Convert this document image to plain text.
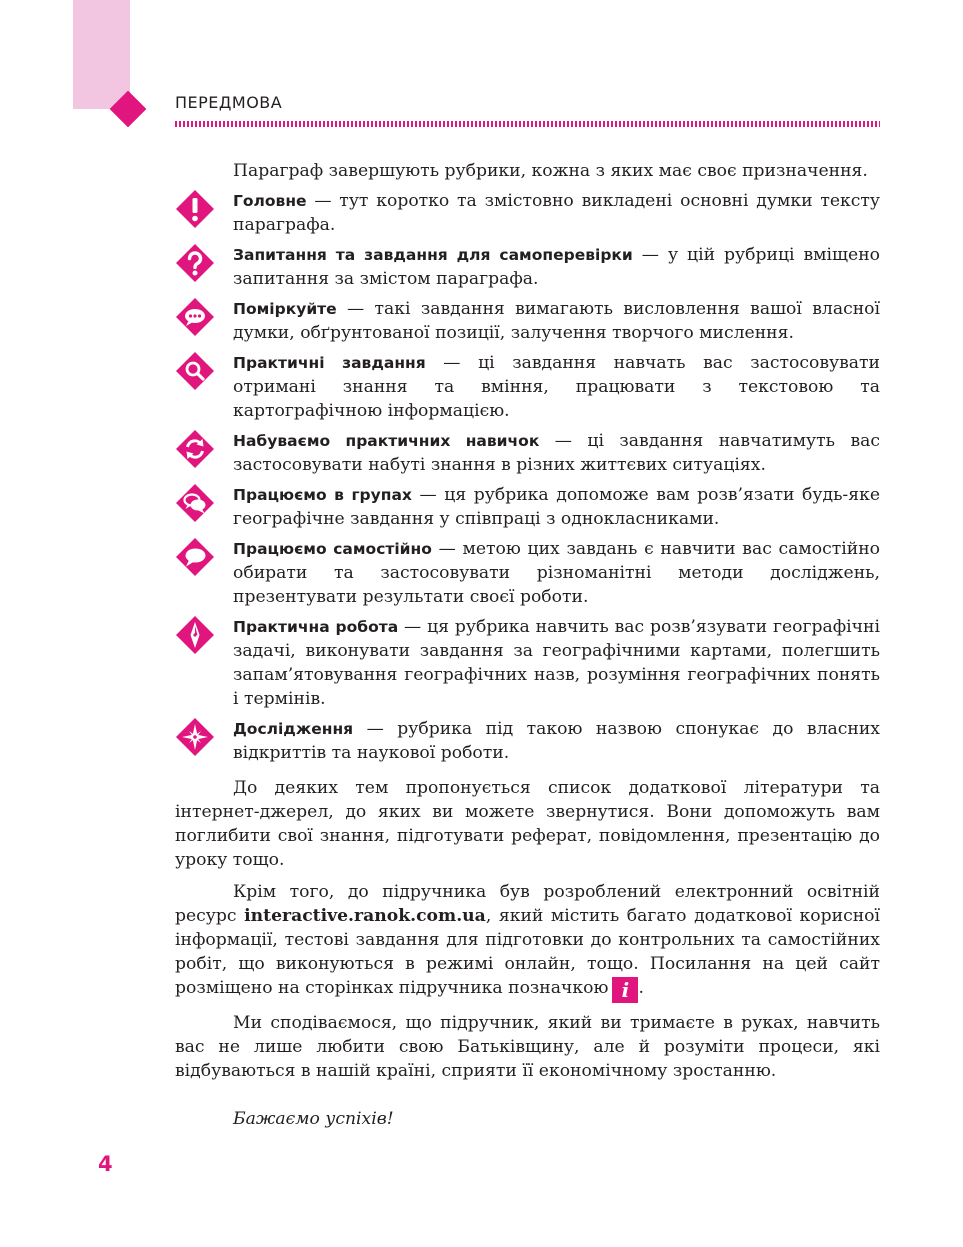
ПЕРЕДМОВА

Параграф завершують рубрики, кожна з яких має своє призначення.

Головне — тут коротко та змістовно викладені основні думки тексту параграфа.
Запитання та завдання для самоперевірки — у цій рубриці вміщено запитання за змістом параграфа.
Поміркуйте — такі завдання вимагають висловлення вашої власної думки, обґрунтованої позиції, залучення творчого мислення.
Практичні завдання — ці завдання навчать вас застосовувати отримані знання та вміння, працювати з текстовою та картографічною інформацією.
Набуваємо практичних навичок — ці завдання навчатимуть вас застосовувати набуті знання в різних життєвих ситуаціях.
Працюємо в групах — ця рубрика допоможе вам розв’язати будь-яке географічне завдання у співпраці з однокласниками.
Працюємо самостійно — метою цих завдань є навчити вас самостійно обирати та застосовувати різноманітні методи досліджень, презентувати результати своєї роботи.
Практична робота — ця рубрика навчить вас розв’язувати географічні задачі, виконувати завдання за географічними картами, полегшить запам’ятовування географічних назв, розуміння географічних понять і термінів.
Дослідження — рубрика під такою назвою спонукає до власних відкриттів та наукової роботи.

До деяких тем пропонується список додаткової літератури та інтернет-джерел, до яких ви можете звернутися. Вони допоможуть вам поглибити свої знання, підготувати реферат, повідомлення, презентацію до уроку тощо.

Крім того, до підручника був розроблений електронний освітній ресурс interactive.ranok.com.ua, який містить багато додаткової корисної інформації, тестові завдання для підготовки до контрольних та самостійних робіт, що виконуються в режимі онлайн, тощо. Посилання на цей сайт розміщено на сторінках підручника позначкою i .

Ми сподіваємося, що підручник, який ви тримаєте в руках, навчить вас не лише любити свою Батьківщину, але й розуміти процеси, які відбуваються в нашій країні, сприяти її економічному зростанню.

Бажаємо успіхів!

4
